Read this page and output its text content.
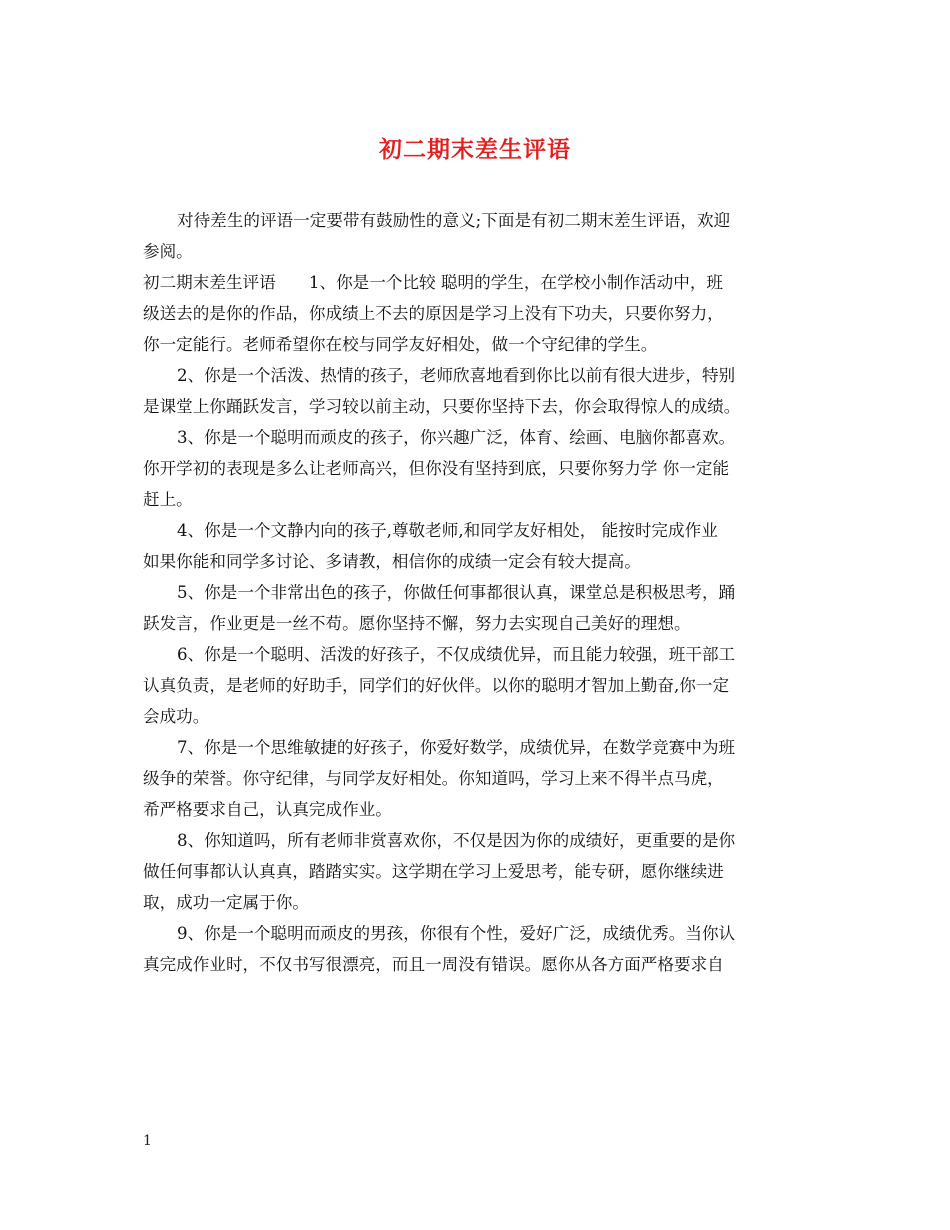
初二期末差生评语
对待差生的评语一定要带有鼓励性的意义;下面是有初二期末差生评语，欢迎
参阅。
初二期末差生评语　　1、你是一个比较 聪明的学生，在学校小制作活动中，班
级送去的是你的作品，你成绩上不去的原因是学习上没有下功夫，只要你努力，
你一定能行。老师希望你在校与同学友好相处，做一个守纪律的学生。
2、你是一个活泼、热情的孩子，老师欣喜地看到你比以前有很大进步，特别
是课堂上你踊跃发言，学习较以前主动，只要你坚持下去，你会取得惊人的成绩。
3、你是一个聪明而顽皮的孩子，你兴趣广泛，体育、绘画、电脑你都喜欢。
你开学初的表现是多么让老师高兴，但你没有坚持到底，只要你努力学 你一定能
赶上。
4、你是一个文静内向的孩子,尊敬老师,和同学友好相处， 能按时完成作业
如果你能和同学多讨论、多请教，相信你的成绩一定会有较大提高。
5、你是一个非常出色的孩子，你做任何事都很认真，课堂总是积极思考，踊
跃发言，作业更是一丝不苟。愿你坚持不懈，努力去实现自己美好的理想。
6、你是一个聪明、活泼的好孩子，不仅成绩优异，而且能力较强，班干部工
认真负责，是老师的好助手，同学们的好伙伴。以你的聪明才智加上勤奋,你一定
会成功。
7、你是一个思维敏捷的好孩子，你爱好数学，成绩优异，在数学竞赛中为班
级争的荣誉。你守纪律，与同学友好相处。你知道吗，学习上来不得半点马虎，
希严格要求自己，认真完成作业。
8、你知道吗，所有老师非赏喜欢你，不仅是因为你的成绩好，更重要的是你
做任何事都认认真真，踏踏实实。这学期在学习上爱思考，能专研，愿你继续进
取，成功一定属于你。
9、你是一个聪明而顽皮的男孩，你很有个性，爱好广泛，成绩优秀。当你认
真完成作业时，不仅书写很漂亮，而且一周没有错误。愿你从各方面严格要求自
1
